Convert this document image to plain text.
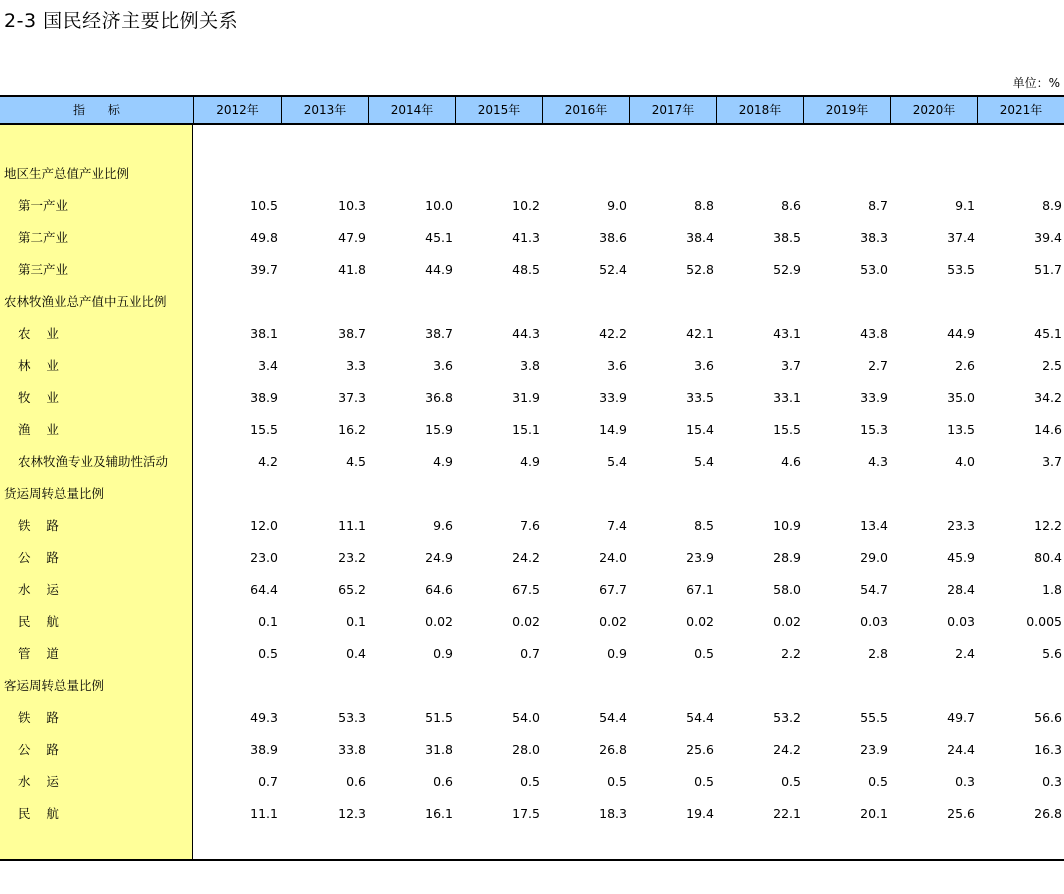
2-3 国民经济主要比例关系
单位：%
指      标	2012年	2013年	2014年	2015年	2016年	2017年	2018年	2019年	2020年	2021年
地区生产总值产业比例
第一产业	10.5	10.3	10.0	10.2	9.0	8.8	8.6	8.7	9.1	8.9
第二产业	49.8	47.9	45.1	41.3	38.6	38.4	38.5	38.3	37.4	39.4
第三产业	39.7	41.8	44.9	48.5	52.4	52.8	52.9	53.0	53.5	51.7
农林牧渔业总产值中五业比例
农    业	38.1	38.7	38.7	44.3	42.2	42.1	43.1	43.8	44.9	45.1
林    业	3.4	3.3	3.6	3.8	3.6	3.6	3.7	2.7	2.6	2.5
牧    业	38.9	37.3	36.8	31.9	33.9	33.5	33.1	33.9	35.0	34.2
渔    业	15.5	16.2	15.9	15.1	14.9	15.4	15.5	15.3	13.5	14.6
农林牧渔专业及辅助性活动	4.2	4.5	4.9	4.9	5.4	5.4	4.6	4.3	4.0	3.7
货运周转总量比例
铁    路	12.0	11.1	9.6	7.6	7.4	8.5	10.9	13.4	23.3	12.2
公    路	23.0	23.2	24.9	24.2	24.0	23.9	28.9	29.0	45.9	80.4
水    运	64.4	65.2	64.6	67.5	67.7	67.1	58.0	54.7	28.4	1.8
民    航	0.1	0.1	0.02	0.02	0.02	0.02	0.02	0.03	0.03	0.005
管    道	0.5	0.4	0.9	0.7	0.9	0.5	2.2	2.8	2.4	5.6
客运周转总量比例
铁    路	49.3	53.3	51.5	54.0	54.4	54.4	53.2	55.5	49.7	56.6
公    路	38.9	33.8	31.8	28.0	26.8	25.6	24.2	23.9	24.4	16.3
水    运	0.7	0.6	0.6	0.5	0.5	0.5	0.5	0.5	0.3	0.3
民    航	11.1	12.3	16.1	17.5	18.3	19.4	22.1	20.1	25.6	26.8
